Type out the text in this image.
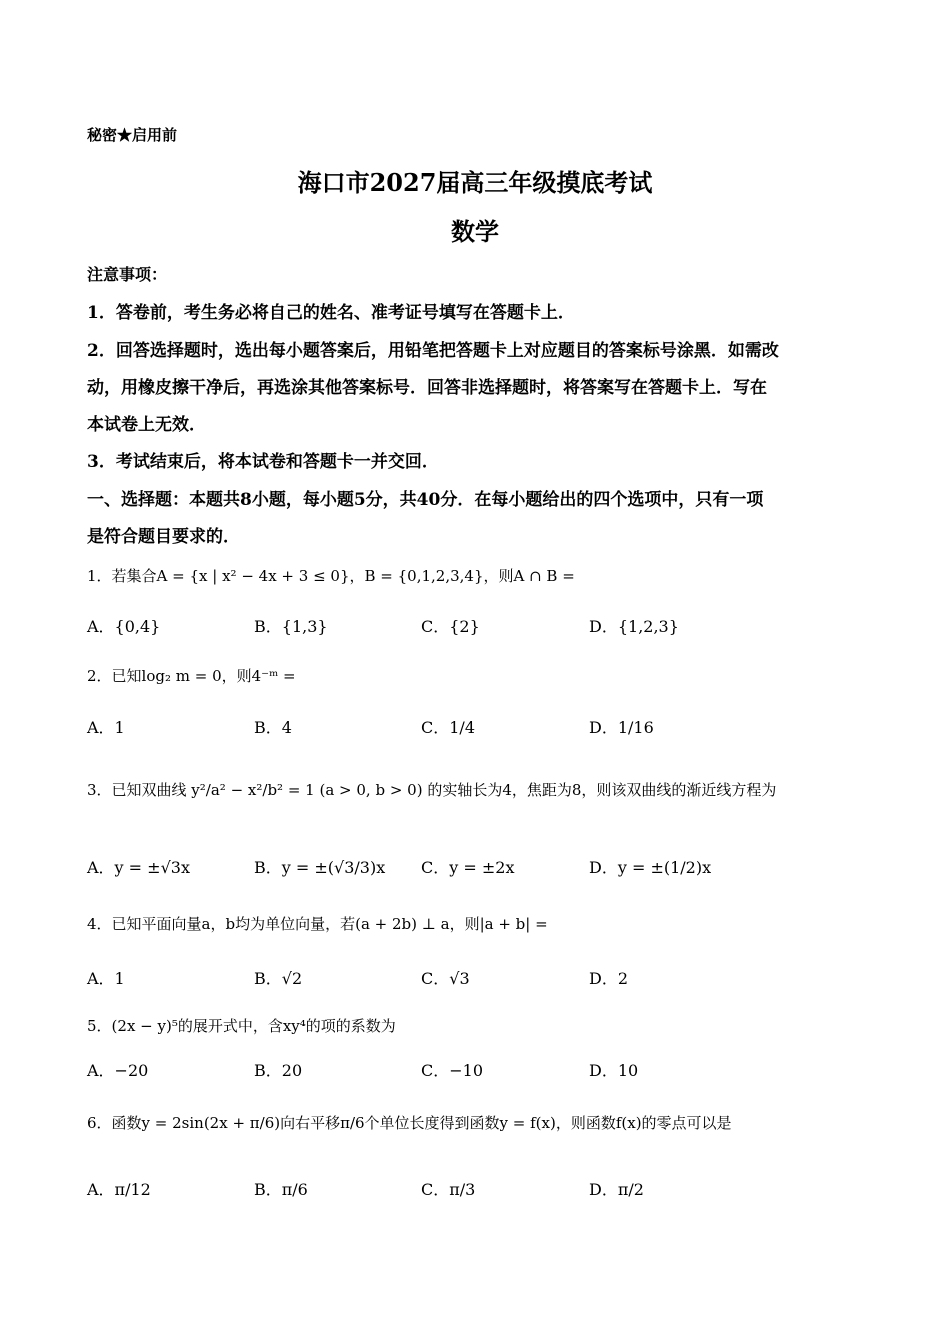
秘密★启用前
海口市2027届高三年级摸底考试
数学
注意事项：
1．答卷前，考生务必将自己的姓名、准考证号填写在答题卡上．
2．回答选择题时，选出每小题答案后，用铅笔把答题卡上对应题目的答案标号涂黑．如需改
动，用橡皮擦干净后，再选涂其他答案标号．回答非选择题时，将答案写在答题卡上．写在
本试卷上无效．
3．考试结束后，将本试卷和答题卡一并交回．
一、选择题：本题共8小题，每小题5分，共40分．在每小题给出的四个选项中，只有一项
是符合题目要求的．
1．若集合A = {x | x² − 4x + 3 ≤ 0}，B = {0,1,2,3,4}，则A ∩ B =
A．{0,4}	B．{1,3}	C．{2}	D．{1,2,3}
2．已知log₂ m = 0，则4⁻ᵐ =
A．1	B．4	C．1/4	D．1/16
3．已知双曲线 y²/a² − x²/b² = 1 (a > 0, b > 0) 的实轴长为4，焦距为8，则该双曲线的渐近线方程为
A．y = ±√3x	B．y = ±(√3/3)x C．y = ±2x	D．y = ±(1/2)x
4．已知平面向量a，b均为单位向量，若(a + 2b) ⊥ a，则|a + b| =
A．1	B．√2	C．√3	D．2
5．(2x − y)⁵的展开式中，含xy⁴的项的系数为
A．−20	B．20	C．−10	D．10
6．函数y = 2sin(2x + π/6)向右平移π/6个单位长度得到函数y = f(x)，则函数f(x)的零点可以是
A．π/12	B．π/6	C．π/3	D．π/2
